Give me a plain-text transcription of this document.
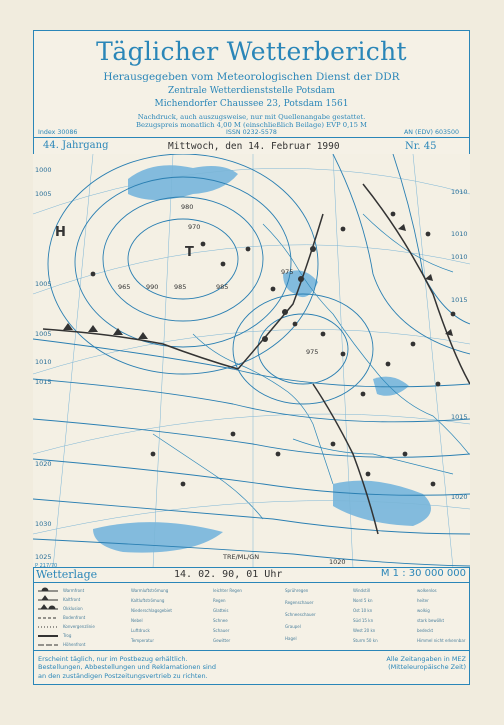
Täglicher Wetterbericht
Herausgegeben vom Meteorologischen Dienst der DDR
Zentrale Wetterdienststelle Potsdam
Michendorfer Chaussee 23, Potsdam 1561
Nachdruck, auch auszugsweise, nur mit Quellenangabe gestattet.
Bezugspreis monatlich 4,00 M (einschließlich Beilage) EVP 0,15 M
Index 30086	ISSN 0232-5578	AN (EDV) 603500
44. Jahrgang	Mittwoch, den 14. Februar 1990	Nr. 45
1000
1005
1005
1005
1010
1015
1020
1030
1025
1010
1015
1010
1015
1020
1010
980
970
965 990 985	985
975
975
T
H
TRE/ML/GN
1020
P 217/70
Wetterlage	14. 02. 90, 01 Uhr	M 1 : 30 000 000
Warmfront
Kaltfront
Okklusion
Bodenfront
Konvergenzlinie
Trog
Höhenfront
Warmluftströmung
Kaltluftströmung
Niederschlagsgebiet
Nebel
Luftdruck
Temperatur
leichter Regen
Regen
Glatteis
Schnee
Schauer
Gewitter
Sprühregen
Regenschauer
Schneeschauer
Graupel
Hagel
Windstill
Nord 5 kn
Ost 10 kn
Süd 15 kn
West 20 kn
Sturm 50 kn
wolkenlos
heiter
wolkig
stark bewölkt
bedeckt
Himmel nicht erkennbar
Erscheint täglich, nur im Postbezug erhältlich.
Bestellungen, Abbestellungen und Reklamationen sind
an den zuständigen Postzeitungsvertrieb zu richten.
Alle Zeitangaben in MEZ
(Mitteleuropäische Zeit)
